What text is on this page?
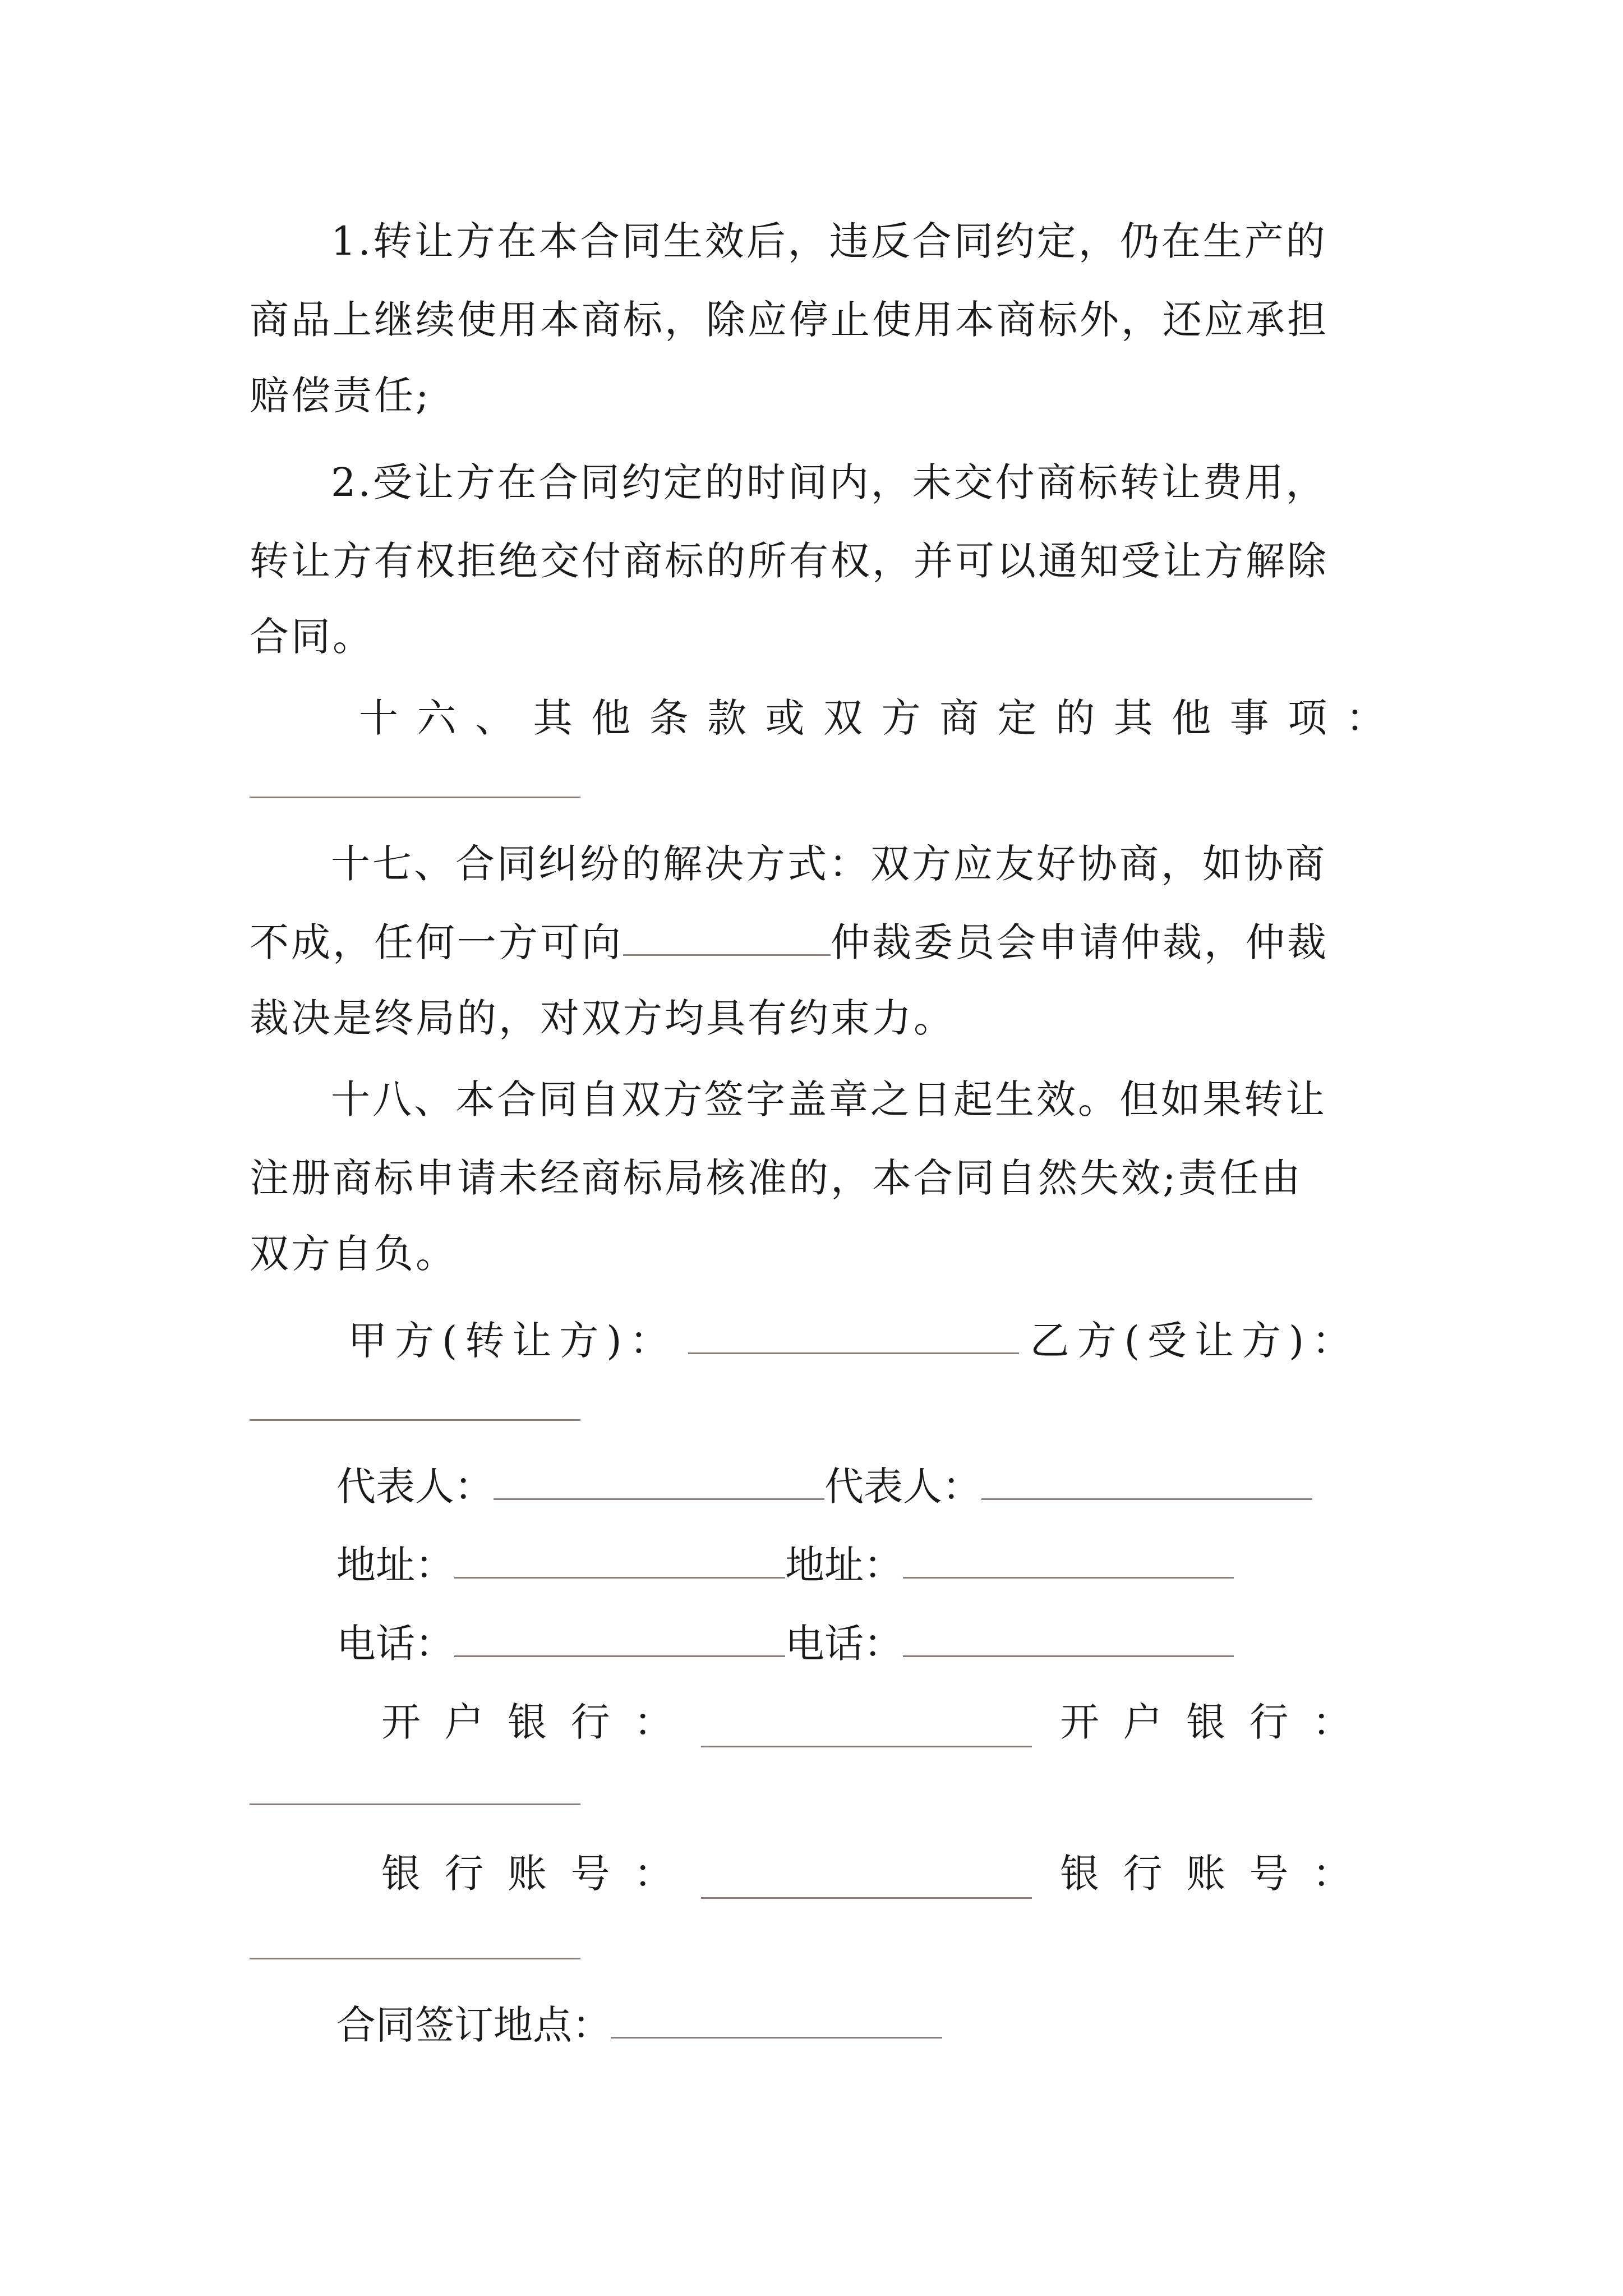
1.转让方在本合同生效后，违反合同约定，仍在生产的
商品上继续使用本商标，除应停止使用本商标外，还应承担
赔偿责任;
2.受让方在合同约定的时间内，未交付商标转让费用，
转让方有权拒绝交付商标的所有权，并可以通知受让方解除
合同。
十 六 、 其 他 条 款 或 双 方 商 定 的 其 他 事 项 ：
十七、合同纠纷的解决方式：双方应友好协商，如协商
不成，任何一方可向	仲裁委员会申请仲裁，仲裁
裁决是终局的，对双方均具有约束力。
十八、本合同自双方签字盖章之日起生效。但如果转让
注册商标申请未经商标局核准的，本合同自然失效;责任由
双方自负。
甲方(转让方)：	乙方(受让方)：
代表人：	代表人：
地址：	地址：
电话：	电话：
开 户 银 行 ：	开 户 银 行 ：
银 行 账 号 ：	银 行 账 号 ：
合同签订地点：
